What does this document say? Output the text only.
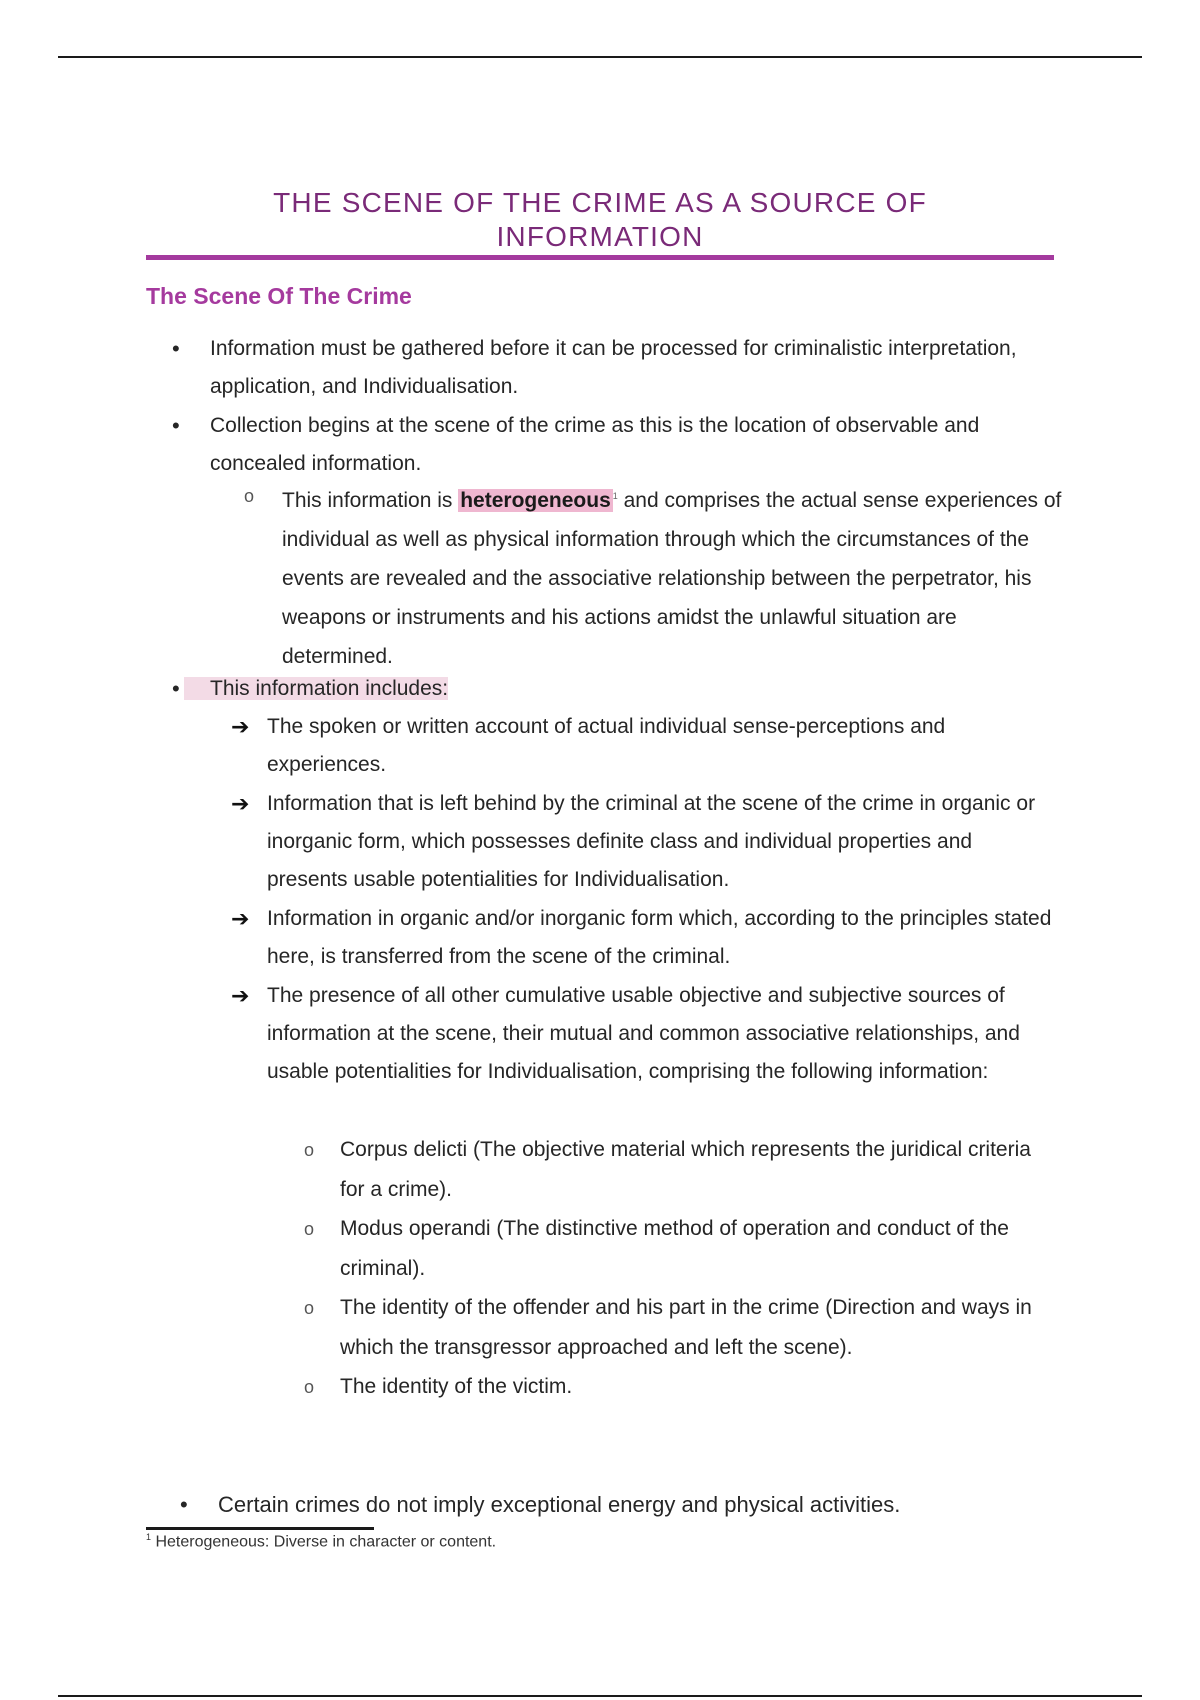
THE SCENE OF THE CRIME AS A SOURCE OF
INFORMATION
The Scene Of The Crime
• Information must be gathered before it can be processed for criminalistic interpretation, application, and Individualisation.
• Collection begins at the scene of the crime as this is the location of observable and concealed information.
o This information is heterogeneous $^1$ and comprises the actual sense experiences of individual as well as physical information through which the circumstances of the events are revealed and the associative relationship between the perpetrator, his weapons or instruments and his actions amidst the unlawful situation are determined.
• This information includes:
➔ The spoken or written account of actual individual sense-perceptions and experiences.
➔ Information that is left behind by the criminal at the scene of the crime in organic or inorganic form, which possesses definite class and individual properties and presents usable potentialities for Individualisation.
➔ Information in organic and/or inorganic form which, according to the principles stated here, is transferred from the scene of the criminal.
➔ The presence of all other cumulative usable objective and subjective sources of information at the scene, their mutual and common associative relationships, and usable potentialities for Individualisation, comprising the following information:
o Corpus delicti (The objective material which represents the juridical criteria for a crime).
o Modus operandi (The distinctive method of operation and conduct of the criminal).
o The identity of the offender and his part in the crime (Direction and ways in which the transgressor approached and left the scene).
o The identity of the victim.
• Certain crimes do not imply exceptional energy and physical activities.
$^1$ Heterogeneous: Diverse in character or content.
